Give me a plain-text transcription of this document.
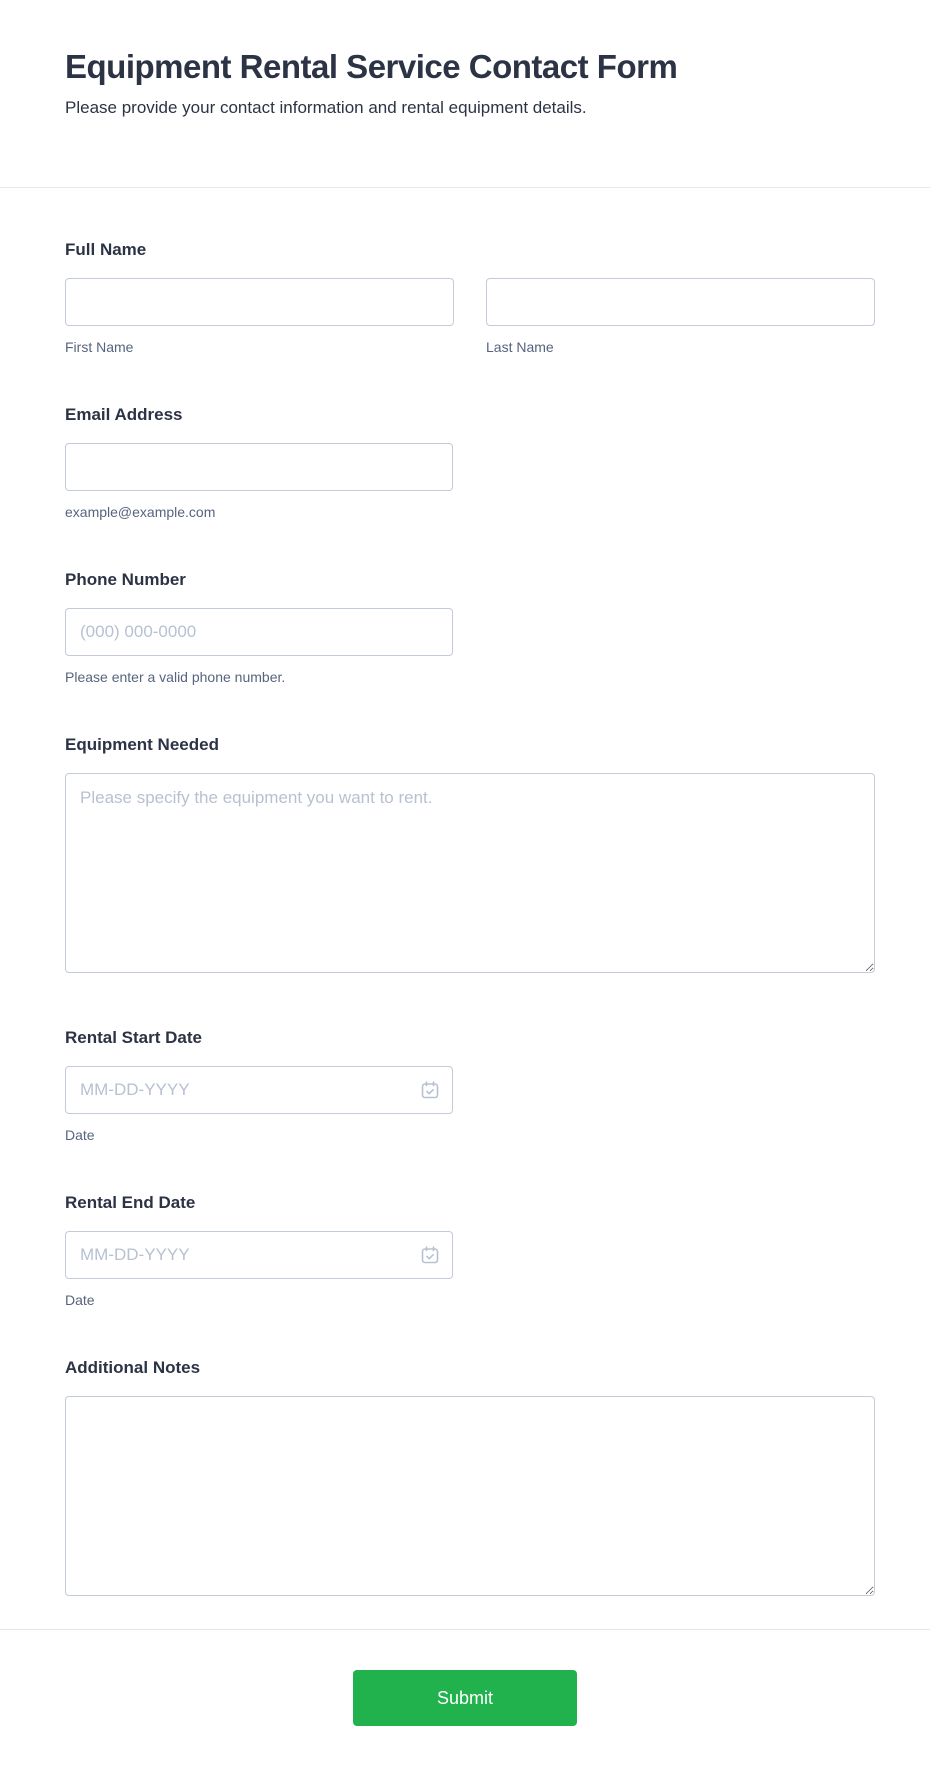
Equipment Rental Service Contact Form
Please provide your contact information and rental equipment details.
Full Name
First Name	Last Name
Email Address
example@example.com
Phone Number
(000) 000-0000
Please enter a valid phone number.
Equipment Needed
Please specify the equipment you want to rent.
Rental Start Date
MM-DD-YYYY
Date
Rental End Date
MM-DD-YYYY
Date
Additional Notes
Submit
